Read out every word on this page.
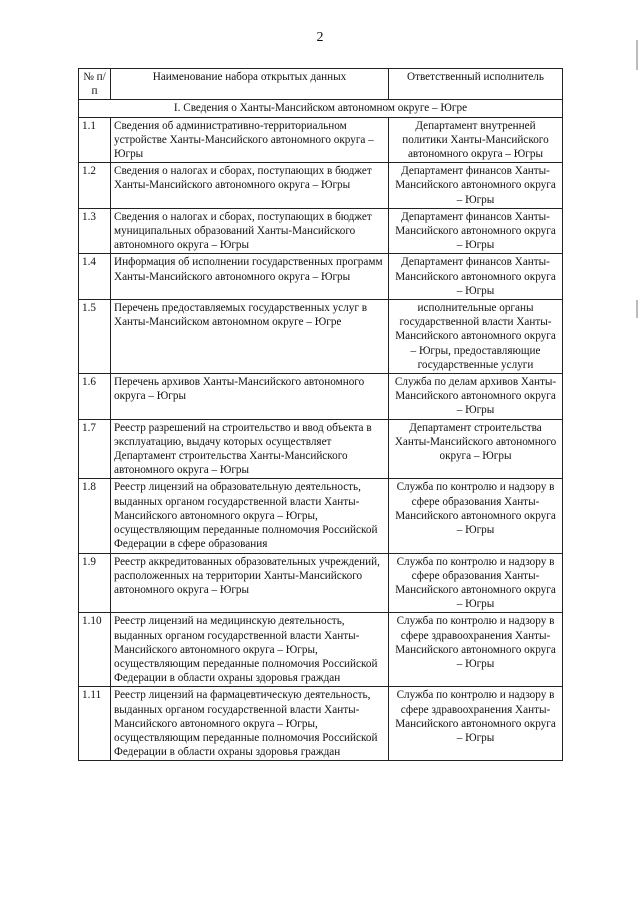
2
№ п/п	Наименование набора открытых данных	Ответственный исполнитель
I. Сведения о Ханты-Мансийском автономном округе – Югре		
1.1	Сведения об административно-территориальном устройстве Ханты-Мансийского автономного округа – Югры	Департамент внутренней политики Ханты-Мансийского автономного округа – Югры
1.2	Сведения о налогах и сборах, поступающих в бюджет Ханты-Мансийского автономного округа – Югры	Департамент финансов Ханты-Мансийского автономного округа – Югры
1.3	Сведения о налогах и сборах, поступающих в бюджет муниципальных образований Ханты-Мансийского автономного округа – Югры	Департамент финансов Ханты-Мансийского автономного округа – Югры
1.4	Информация об исполнении государственных программ Ханты-Мансийского автономного округа – Югры	Департамент финансов Ханты-Мансийского автономного округа – Югры
1.5	Перечень предоставляемых государственных услуг в Ханты-Мансийском автономном округе – Югре	исполнительные органы государственной власти Ханты-Мансийского автономного округа – Югры, предоставляющие государственные услуги
1.6	Перечень архивов Ханты-Мансийского автономного округа – Югры	Служба по делам архивов Ханты-Мансийского автономного округа – Югры
1.7	Реестр разрешений на строительство и ввод объекта в эксплуатацию, выдачу которых осуществляет Департамент строительства Ханты-Мансийского автономного округа – Югры	Департамент строительства Ханты-Мансийского автономного округа – Югры
1.8	Реестр лицензий на образовательную деятельность, выданных органом государственной власти Ханты-Мансийского автономного округа – Югры, осуществляющим переданные полномочия Российской Федерации в сфере образования	Служба по контролю и надзору в сфере образования Ханты-Мансийского автономного округа – Югры
1.9	Реестр аккредитованных образовательных учреждений, расположенных на территории Ханты-Мансийского автономного округа – Югры	Служба по контролю и надзору в сфере образования Ханты-Мансийского автономного округа – Югры
1.10	Реестр лицензий на медицинскую деятельность, выданных органом государственной власти Ханты-Мансийского автономного округа – Югры, осуществляющим переданные полномочия Российской Федерации в области охраны здоровья граждан	Служба по контролю и надзору в сфере здравоохранения Ханты-Мансийского автономного округа – Югры
1.11	Реестр лицензий на фармацевтическую деятельность, выданных органом государственной власти Ханты-Мансийского автономного округа – Югры, осуществляющим переданные полномочия Российской Федерации в области охраны здоровья граждан	Служба по контролю и надзору в сфере здравоохранения Ханты-Мансийского автономного округа – Югры
